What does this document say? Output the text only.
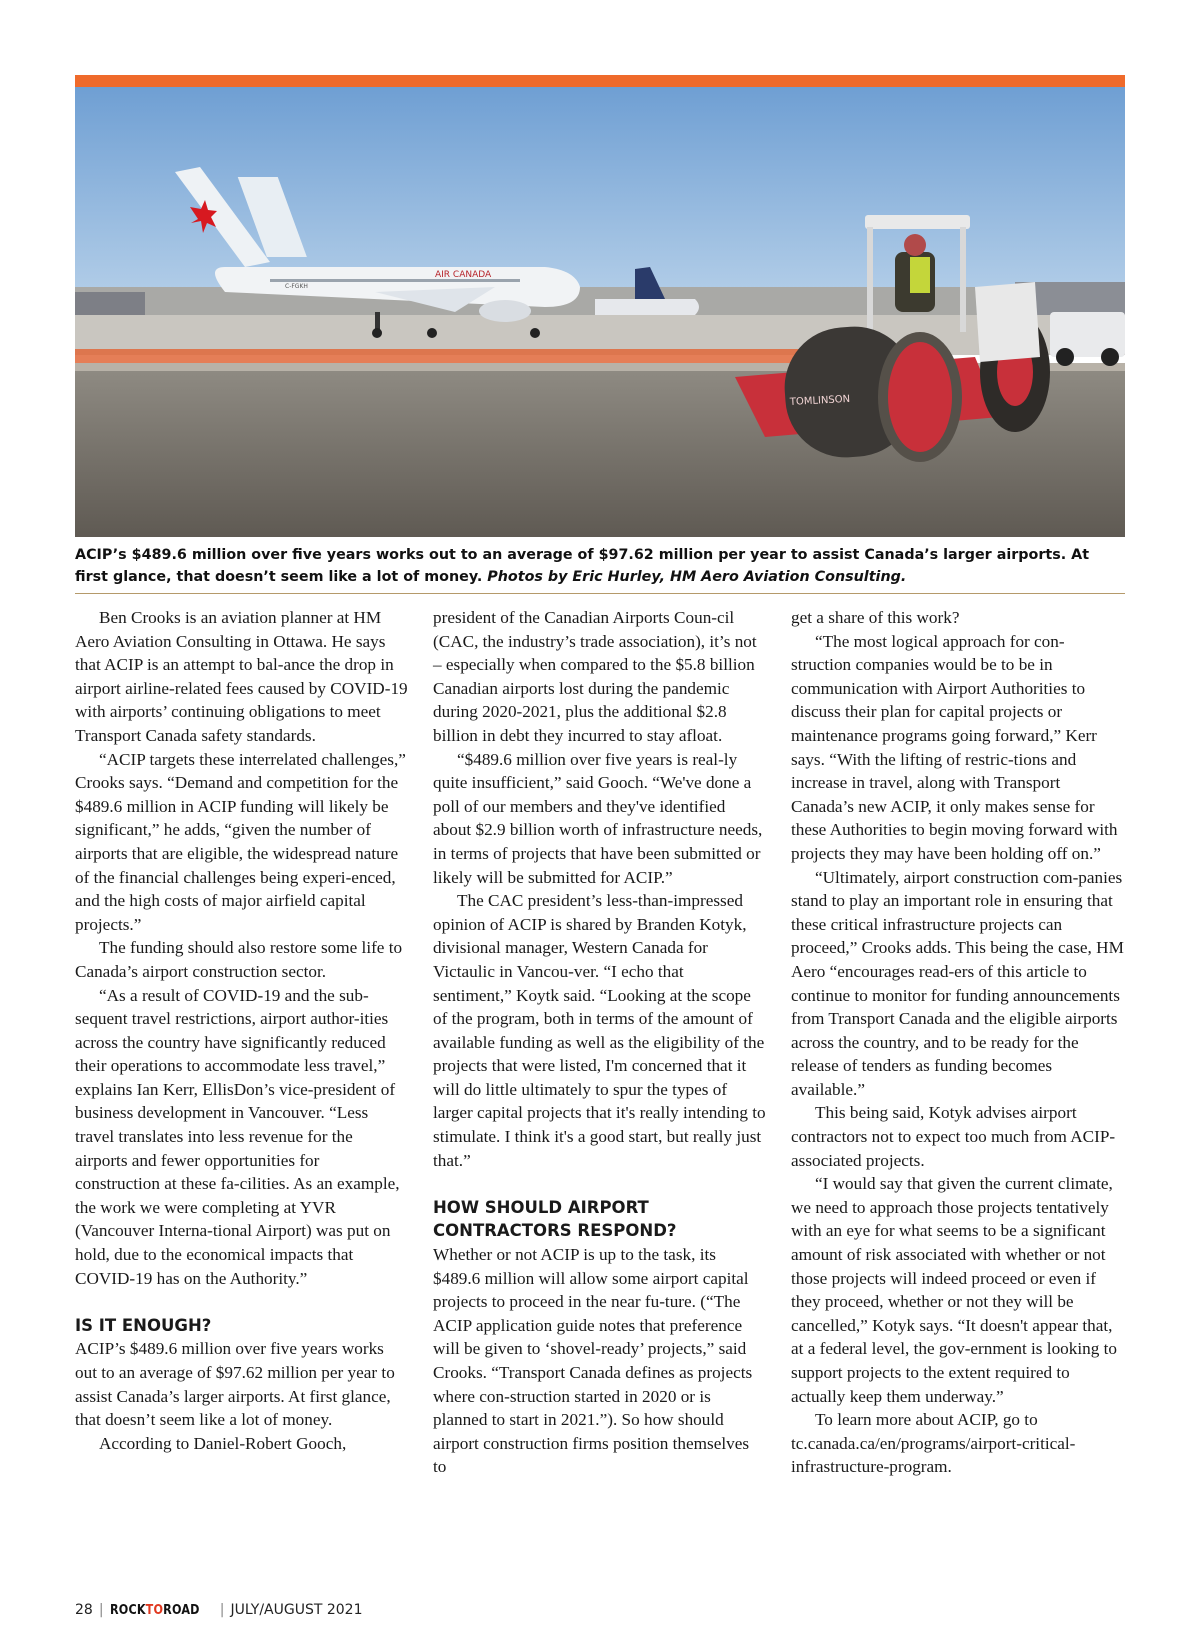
AIR CANADA
C-FGKH
TOMLINSON
ACIP’s $489.6 million over five years works out to an average of $97.62 million per year to assist Canada’s larger airports. At first glance, that doesn’t seem like a lot of money. Photos by Eric Hurley, HM Aero Aviation Consulting.

Ben Crooks is an aviation planner at HM Aero Aviation Consulting in Ottawa. He says that ACIP is an attempt to bal-ance the drop in airport airline-related fees caused by COVID-19 with airports’ continuing obligations to meet Transport Canada safety standards.

“ACIP targets these interrelated challenges,” Crooks says. “Demand and competition for the $489.6 million in ACIP funding will likely be significant,” he adds, “given the number of airports that are eligible, the widespread nature of the financial challenges being experi-enced, and the high costs of major airfield capital projects.”

The funding should also restore some life to Canada’s airport construction sector.

“As a result of COVID-19 and the sub-sequent travel restrictions, airport author-ities across the country have significantly reduced their operations to accommodate less travel,” explains Ian Kerr, EllisDon’s vice-president of business development in Vancouver. “Less travel translates into less revenue for the airports and fewer opportunities for construction at these fa-cilities. As an example, the work we were completing at YVR (Vancouver Interna-tional Airport) was put on hold, due to the economical impacts that COVID-19 has on the Authority.”

IS IT ENOUGH?

ACIP’s $489.6 million over five years works out to an average of $97.62 million per year to assist Canada’s larger airports. At first glance, that doesn’t seem like a lot of money.

According to Daniel-Robert Gooch,

president of the Canadian Airports Coun-cil (CAC, the industry’s trade association), it’s not – especially when compared to the $5.8 billion Canadian airports lost during the pandemic during 2020-2021, plus the additional $2.8 billion in debt they incurred to stay afloat.

“$489.6 million over five years is real-ly quite insufficient,” said Gooch. “We've done a poll of our members and they've identified about $2.9 billion worth of infrastructure needs, in terms of projects that have been submitted or likely will be submitted for ACIP.”

The CAC president’s less-than-impressed opinion of ACIP is shared by Branden Kotyk, divisional manager, Western Canada for Victaulic in Vancou-ver. “I echo that sentiment,” Koytk said. “Looking at the scope of the program, both in terms of the amount of available funding as well as the eligibility of the projects that were listed, I'm concerned that it will do little ultimately to spur the types of larger capital projects that it's really intending to stimulate. I think it's a good start, but really just that.”

HOW SHOULD AIRPORT CONTRACTORS RESPOND?

Whether or not ACIP is up to the task, its $489.6 million will allow some airport capital projects to proceed in the near fu-ture. (“The ACIP application guide notes that preference will be given to ‘shovel-ready’ projects,” said Crooks. “Transport Canada defines as projects where con-struction started in 2020 or is planned to start in 2021.”). So how should airport construction firms position themselves to

get a share of this work?

“The most logical approach for con-struction companies would be to be in communication with Airport Authorities to discuss their plan for capital projects or maintenance programs going forward,” Kerr says. “With the lifting of restric-tions and increase in travel, along with Transport Canada’s new ACIP, it only makes sense for these Authorities to begin moving forward with projects they may have been holding off on.”

“Ultimately, airport construction com-panies stand to play an important role in ensuring that these critical infrastructure projects can proceed,” Crooks adds. This being the case, HM Aero “encourages read-ers of this article to continue to monitor for funding announcements from Transport Canada and the eligible airports across the country, and to be ready for the release of tenders as funding becomes available.”

This being said, Kotyk advises airport contractors not to expect too much from ACIP-associated projects.

“I would say that given the current climate, we need to approach those projects tentatively with an eye for what seems to be a significant amount of risk associated with whether or not those projects will indeed proceed or even if they proceed, whether or not they will be cancelled,” Kotyk says. “It doesn't appear that, at a federal level, the gov-ernment is looking to support projects to the extent required to actually keep them underway.”

To learn more about ACIP, go to tc.canada.ca/en/programs/airport-critical-infrastructure-program.

28 | ROCKTOROAD | JULY/AUGUST 2021
